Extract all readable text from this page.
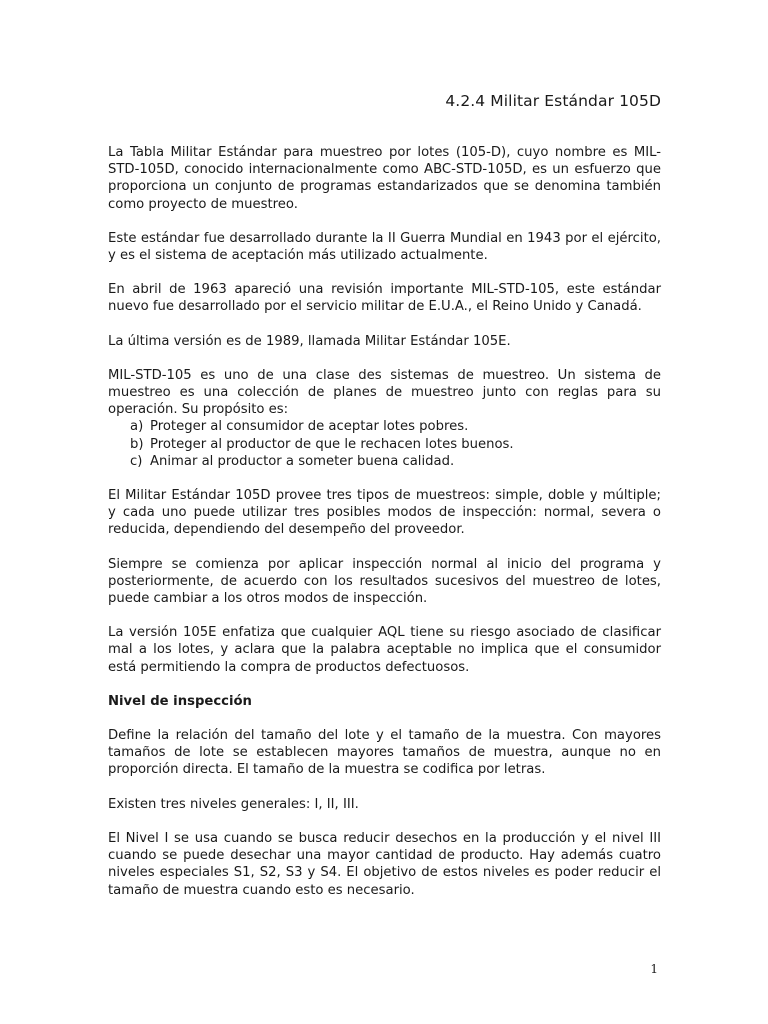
4.2.4 Militar Estándar 105D

La Tabla Militar Estándar para muestreo por lotes (105-D), cuyo nombre es MIL-STD-105D, conocido internacionalmente como ABC-STD-105D, es un esfuerzo que proporciona un conjunto de programas estandarizados que se denomina también como proyecto de muestreo.

Este estándar fue desarrollado durante la II Guerra Mundial en 1943 por el ejército, y es el sistema de aceptación más utilizado actualmente.

En abril de 1963 apareció una revisión importante MIL-STD-105, este estándar nuevo fue desarrollado por el servicio militar de E.U.A., el Reino Unido y Canadá.

La última versión es de 1989, llamada Militar Estándar 105E.

MIL-STD-105 es uno de una clase des sistemas de muestreo. Un sistema de muestreo es una colección de planes de muestreo junto con reglas para su operación. Su propósito es:

a) Proteger al consumidor de aceptar lotes pobres.
b) Proteger al productor de que le rechacen lotes buenos.
c) Animar al productor a someter buena calidad.

El Militar Estándar 105D provee tres tipos de muestreos: simple, doble y múltiple; y cada uno puede utilizar tres posibles modos de inspección: normal, severa o reducida, dependiendo del desempeño del proveedor.

Siempre se comienza por aplicar inspección normal al inicio del programa y posteriormente, de acuerdo con los resultados sucesivos del muestreo de lotes, puede cambiar a los otros modos de inspección.

La versión 105E enfatiza que cualquier AQL tiene su riesgo asociado de clasificar mal a los lotes, y aclara que la palabra aceptable no implica que el consumidor está permitiendo la compra de productos defectuosos.

Nivel de inspección

Define la relación del tamaño del lote y el tamaño de la muestra. Con mayores tamaños de lote se establecen mayores tamaños de muestra, aunque no en proporción directa. El tamaño de la muestra se codifica por letras.

Existen tres niveles generales: I, II, III.

El Nivel I se usa cuando se busca reducir desechos en la producción y el nivel III cuando se puede desechar una mayor cantidad de producto. Hay además cuatro niveles especiales S1, S2, S3 y S4. El objetivo de estos niveles es poder reducir el tamaño de muestra cuando esto es necesario.

1
